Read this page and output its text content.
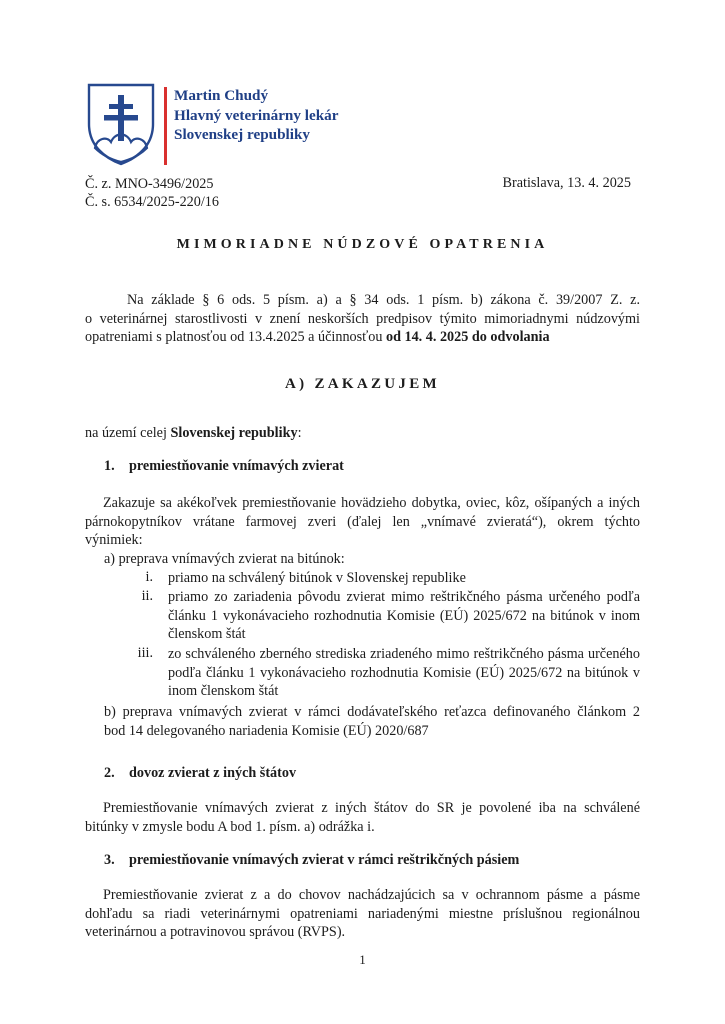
Martin Chudý
Hlavný veterinárny lekár
Slovenskej republiky
Č. z. MNO-3496/2025
Č. s. 6534/2025-220/16
Bratislava, 13. 4. 2025
MIMORIADNE NÚDZOVÉ OPATRENIA
Na základe § 6 ods. 5 písm. a) a § 34 ods. 1 písm. b) zákona č. 39/2007 Z. z.
o veterinárnej starostlivosti v znení neskorších predpisov týmito mimoriadnymi núdzovými
opatreniami s platnosťou od 13.4.2025 a účinnosťou od 14. 4. 2025 do odvolania
A) ZAKAZUJEM
na území celej Slovenskej republiky:
1. premiestňovanie vnímavých zvierat
Zakazuje sa akékoľvek premiestňovanie hovädzieho dobytka, oviec, kôz, ošípaných a iných
párnokopytníkov vrátane farmovej zveri (ďalej len „vnímavé zvieratá“), okrem týchto
výnimiek:
a) preprava vnímavých zvierat na bitúnok:
i. priamo na schválený bitúnok v Slovenskej republike
ii. priamo zo zariadenia pôvodu zvierat mimo reštrikčného pásma určeného podľa
článku 1 vykonávacieho rozhodnutia Komisie (EÚ) 2025/672 na bitúnok v inom
členskom štát
iii. zo schváleného zberného strediska zriadeného mimo reštrikčného pásma určeného
podľa článku 1 vykonávacieho rozhodnutia Komisie (EÚ) 2025/672 na bitúnok v
inom členskom štát
b) preprava vnímavých zvierat v rámci dodávateľského reťazca definovaného článkom 2
bod 14 delegovaného nariadenia Komisie (EÚ) 2020/687
2. dovoz zvierat z iných štátov
Premiestňovanie vnímavých zvierat z iných štátov do SR je povolené iba na schválené
bitúnky v zmysle bodu A bod 1. písm. a) odrážka i.
3. premiestňovanie vnímavých zvierat v rámci reštrikčných pásiem
Premiestňovanie zvierat z a do chovov nachádzajúcich sa v ochrannom pásme a pásme
dohľadu sa riadi veterinárnymi opatreniami nariadenými miestne príslušnou regionálnou
veterinárnou a potravinovou správou (RVPS).
1
